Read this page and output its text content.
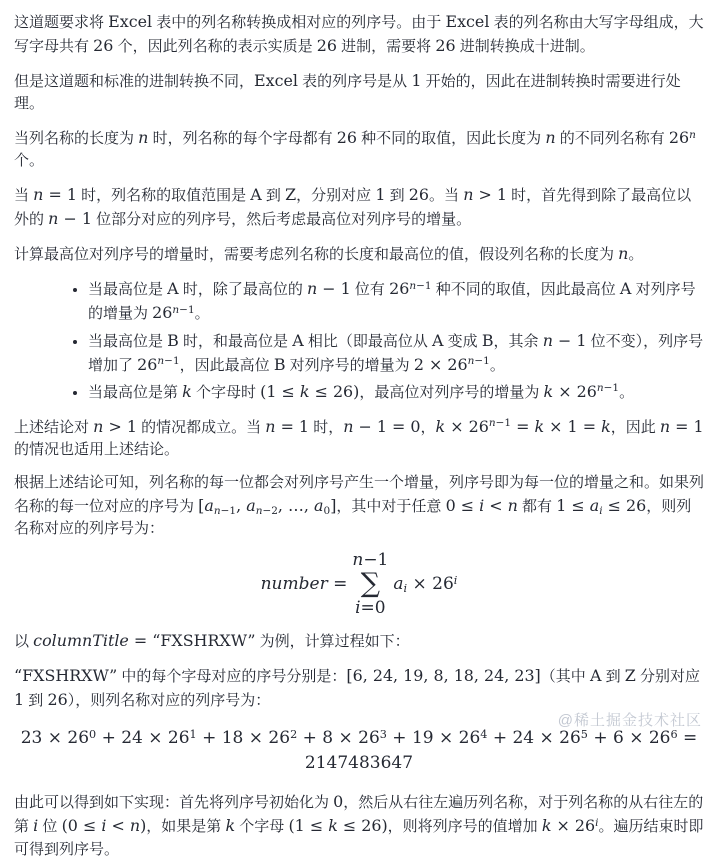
这道题要求将 Excel 表中的列名称转换成相对应的列序号。由于 Excel 表的列名称由大写字母组成，大写字母共有 26 个，因此列名称的表示实质是 26 进制，需要将 26 进制转换成十进制。

但是这道题和标准的进制转换不同，Excel 表的列序号是从 1 开始的，因此在进制转换时需要进行处理。

当列名称的长度为 n 时，列名称的每个字母都有 26 种不同的取值，因此长度为 n 的不同列名称有 26$^n$ 个。

当 n = 1 时，列名称的取值范围是 A 到 Z，分别对应 1 到 26。当 n > 1 时，首先得到除了最高位以外的 n − 1 位部分对应的列序号，然后考虑最高位对列序号的增量。

计算最高位对列序号的增量时，需要考虑列名称的长度和最高位的值，假设列名称的长度为 n。

• 当最高位是 A 时，除了最高位的 n − 1 位有 $26^{n-1}$ 种不同的取值，因此最高位 A 对列序号的增量为 $26^{n-1}$。
• 当最高位是 B 时，和最高位是 A 相比（即最高位从 A 变成 B，其余 n − 1 位不变），列序号增加了 $26^{n-1}$，因此最高位 B 对列序号的增量为 $2 \times 26^{n-1}$。
• 当最高位是第 k 个字母时 (1 ≤ k ≤ 26)，最高位对列序号的增量为 $k \times 26^{n-1}$。

上述结论对 n > 1 的情况都成立。当 n = 1 时，n − 1 = 0，$k \times 26^{n-1} = k \times 1 = k$，因此 n = 1 的情况也适用上述结论。

根据上述结论可知，列名称的每一位都会对列序号产生一个增量，列序号即为每一位的增量之和。如果列名称的每一位对应的序号为 [$a_{n-1}$, $a_{n-2}$, …, $a_0$]，其中对于任意 0 ≤ i < n 都有 $1 \le a_i \le 26$，则列名称对应的列序号为：

number =
n−1
∑
i=0
$a_i \times 26^i$

以 columnTitle = “FXSHRXW” 为例，计算过程如下：

“FXSHRXW” 中的每个字母对应的序号分别是：[6, 24, 19, 8, 18, 24, 23]（其中 A 到 Z 分别对应 1 到 26），则列名称对应的列序号为：

$23 \times 26^0 + 24 \times 26^1 + 18 \times 26^2 + 8 \times 26^3 + 19 \times 26^4 + 24 \times 26^5 + 6 \times 26^6 = 2147483647$

由此可以得到如下实现：首先将列序号初始化为 0，然后从右往左遍历列名称，对于列名称的从右往左的第 i 位 (0 ≤ i < n)，如果是第 k 个字母 (1 ≤ k ≤ 26)，则将列序号的值增加 $k \times 26^i$。遍历结束时即可得到列序号。

@稀土掘金技术社区
